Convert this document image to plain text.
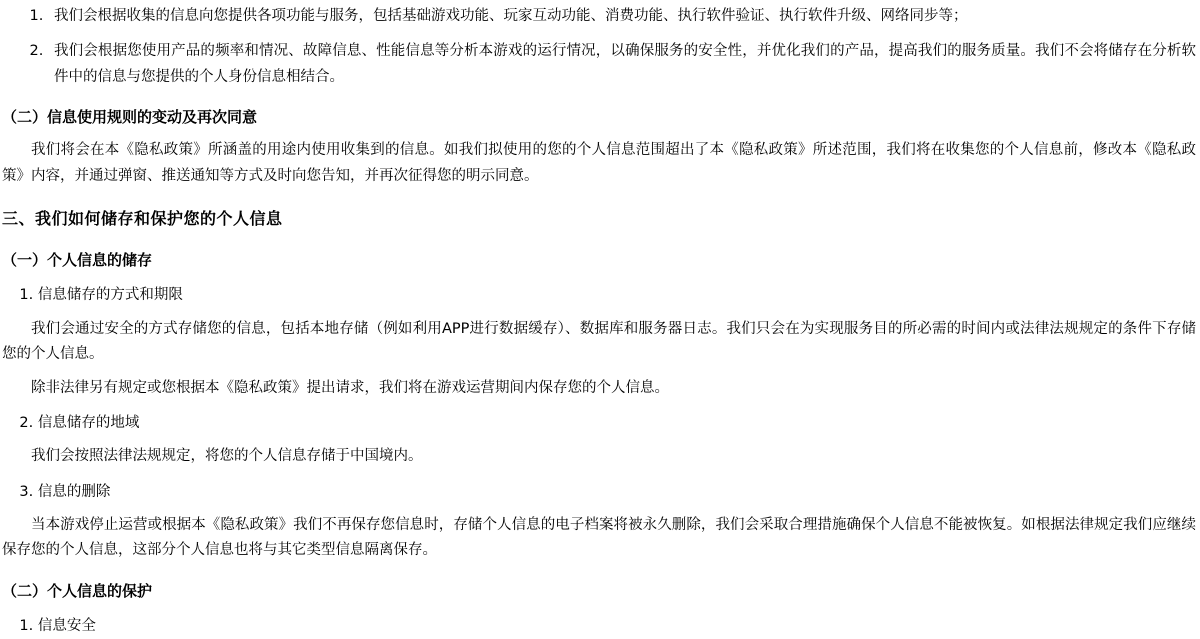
1. 我们会根据收集的信息向您提供各项功能与服务，包括基础游戏功能、玩家互动功能、消费功能、执行软件验证、执行软件升级、网络同步等；
2. 我们会根据您使用产品的频率和情况、故障信息、性能信息等分析本游戏的运行情况，以确保服务的安全性，并优化我们的产品，提高我们的服务质量。我们不会将储存在分析软件中的信息与您提供的个人身份信息相结合。

（二）信息使用规则的变动及再次同意

我们将会在本《隐私政策》所涵盖的用途内使用收集到的信息。如我们拟使用的您的个人信息范围超出了本《隐私政策》所述范围，我们将在收集您的个人信息前，修改本《隐私政策》内容，并通过弹窗、推送通知等方式及时向您告知，并再次征得您的明示同意。

三、我们如何储存和保护您的个人信息

（一）个人信息的储存

1. 信息储存的方式和期限

我们会通过安全的方式存储您的信息，包括本地存储（例如利用APP进行数据缓存）、数据库和服务器日志。我们只会在为实现服务目的所必需的时间内或法律法规规定的条件下存储您的个人信息。

除非法律另有规定或您根据本《隐私政策》提出请求，我们将在游戏运营期间内保存您的个人信息。

2. 信息储存的地域

我们会按照法律法规规定，将您的个人信息存储于中国境内。

3. 信息的删除

当本游戏停止运营或根据本《隐私政策》我们不再保存您信息时，存储个人信息的电子档案将被永久删除，我们会采取合理措施确保个人信息不能被恢复。如根据法律规定我们应继续保存您的个人信息，这部分个人信息也将与其它类型信息隔离保存。

（二）个人信息的保护

1. 信息安全
